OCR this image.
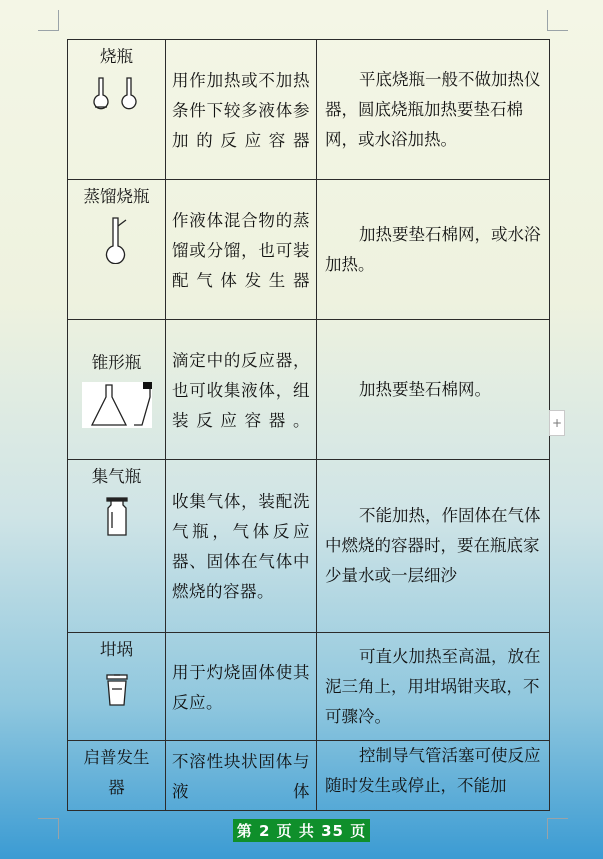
烧瓶	用作加热或不加热条件下较多液体参加的反应容器	平底烧瓶一般不做加热仪器，圆底烧瓶加热要垫石棉网，或水浴加热。

蒸馏烧瓶	作液体混合物的蒸馏或分馏，也可装配气体发生器	加热要垫石棉网，或水浴加热。

锥形瓶	滴定中的反应器，也可收集液体，组装反应容器。	加热要垫石棉网。

集气瓶	收集气体，装配洗气瓶，气体反应器、固体在气体中燃烧的容器。	不能加热，作固体在气体中燃烧的容器时，要在瓶底家少量水或一层细沙

坩埚	用于灼烧固体使其反应。	可直火加热至高温，放在泥三角上，用坩埚钳夹取，不可骤冷。

启普发生器	不溶性块状固体与液体	控制导气管活塞可使反应随时发生或停止，不能加
+
第 2 页 共 35 页
